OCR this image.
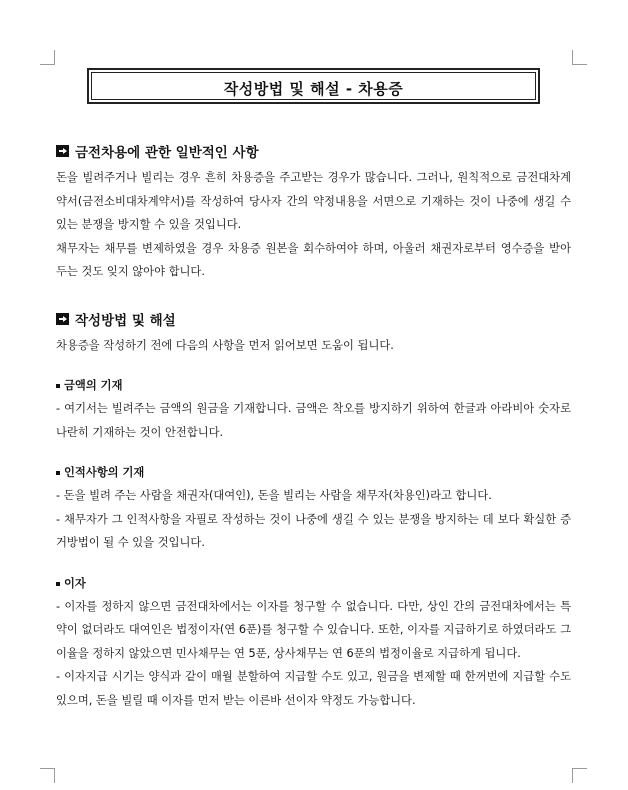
작성방법 및 해설 - 차용증
금전차용에 관한 일반적인 사항

돈을 빌려주거나 빌리는 경우 흔히 차용증을 주고받는 경우가 많습니다. 그러나, 원칙적으로 금전대차계약서(금전소비대차계약서)를 작성하여 당사자 간의 약정내용을 서면으로 기재하는 것이 나중에 생길 수 있는 분쟁을 방지할 수 있을 것입니다.

채무자는 채무를 변제하였을 경우 차용증 원본을 회수하여야 하며, 아울러 채권자로부터 영수증을 받아 두는 것도 잊지 않아야 합니다.

작성방법 및 해설

차용증을 작성하기 전에 다음의 사항을 먼저 읽어보면 도움이 됩니다.

금액의 기재

- 여기서는 빌려주는 금액의 원금을 기재합니다. 금액은 착오를 방지하기 위하여 한글과 아라비아 숫자로 나란히 기재하는 것이 안전합니다.

인적사항의 기재

- 돈을 빌려 주는 사람을 채권자(대여인), 돈을 빌리는 사람을 채무자(차용인)라고 합니다.

- 채무자가 그 인적사항을 자필로 작성하는 것이 나중에 생길 수 있는 분쟁을 방지하는 데 보다 확실한 증거방법이 될 수 있을 것입니다.

이자

- 이자를 정하지 않으면 금전대차에서는 이자를 청구할 수 없습니다. 다만, 상인 간의 금전대차에서는 특약이 없더라도 대여인은 법정이자(연 6푼)를 청구할 수 있습니다. 또한, 이자를 지급하기로 하였더라도 그 이율을 정하지 않았으면 민사채무는 연 5푼, 상사채무는 연 6푼의 법정이율로 지급하게 됩니다.

- 이자지급 시기는 양식과 같이 매월 분할하여 지급할 수도 있고, 원금을 변제할 때 한꺼번에 지급할 수도 있으며, 돈을 빌릴 때 이자를 먼저 받는 이른바 선이자 약정도 가능합니다.
